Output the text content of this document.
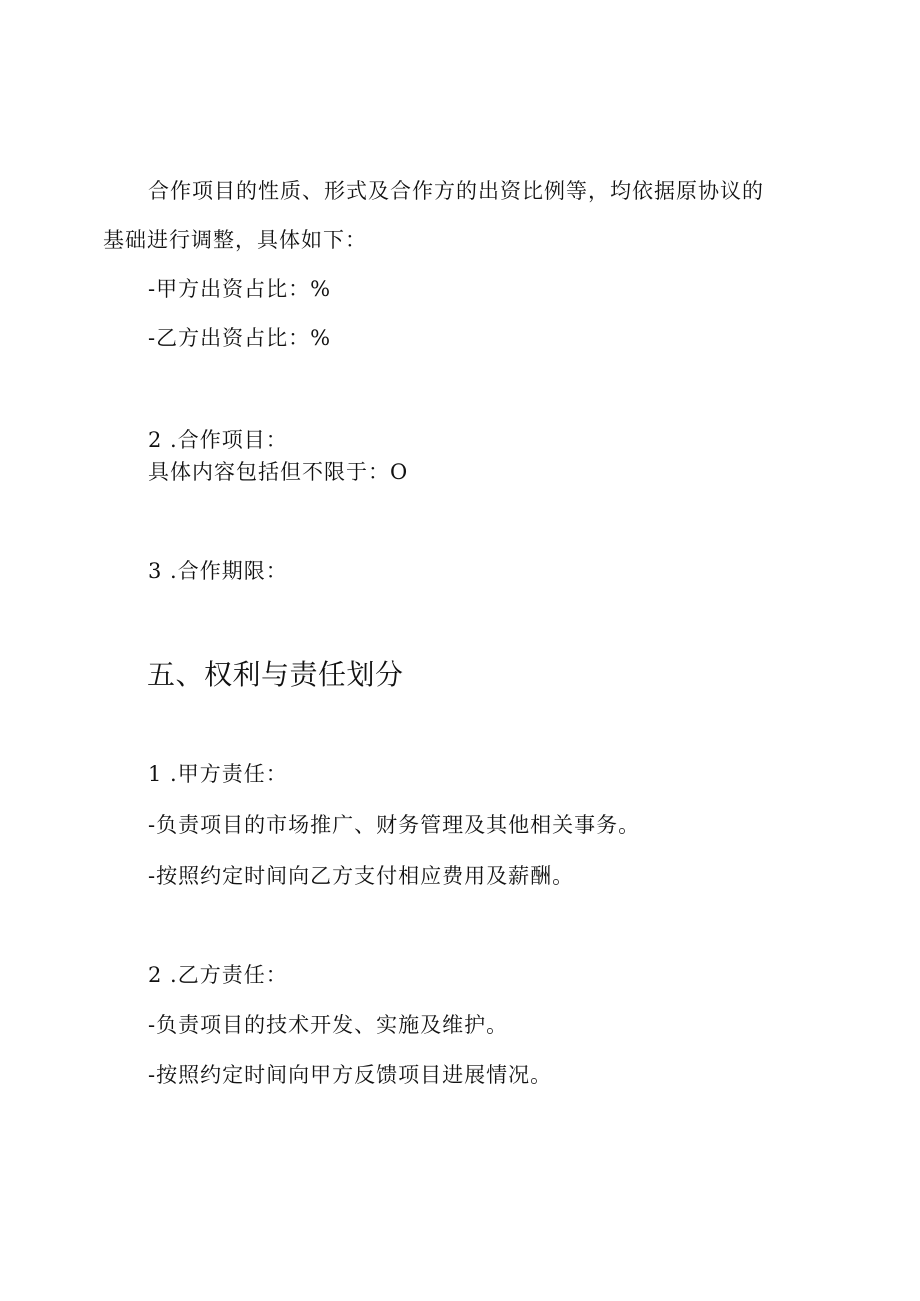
合作项目的性质、形式及合作方的出资比例等，均依据原协议的

基础进行调整，具体如下：

-甲方出资占比：%

-乙方出资占比：%

2 .合作项目：

具体内容包括但不限于：O

3 .合作期限：

五、权利与责任划分

1 .甲方责任：

-负责项目的市场推广、财务管理及其他相关事务。

-按照约定时间向乙方支付相应费用及薪酬。

2 .乙方责任：

-负责项目的技术开发、实施及维护。

-按照约定时间向甲方反馈项目进展情况。
